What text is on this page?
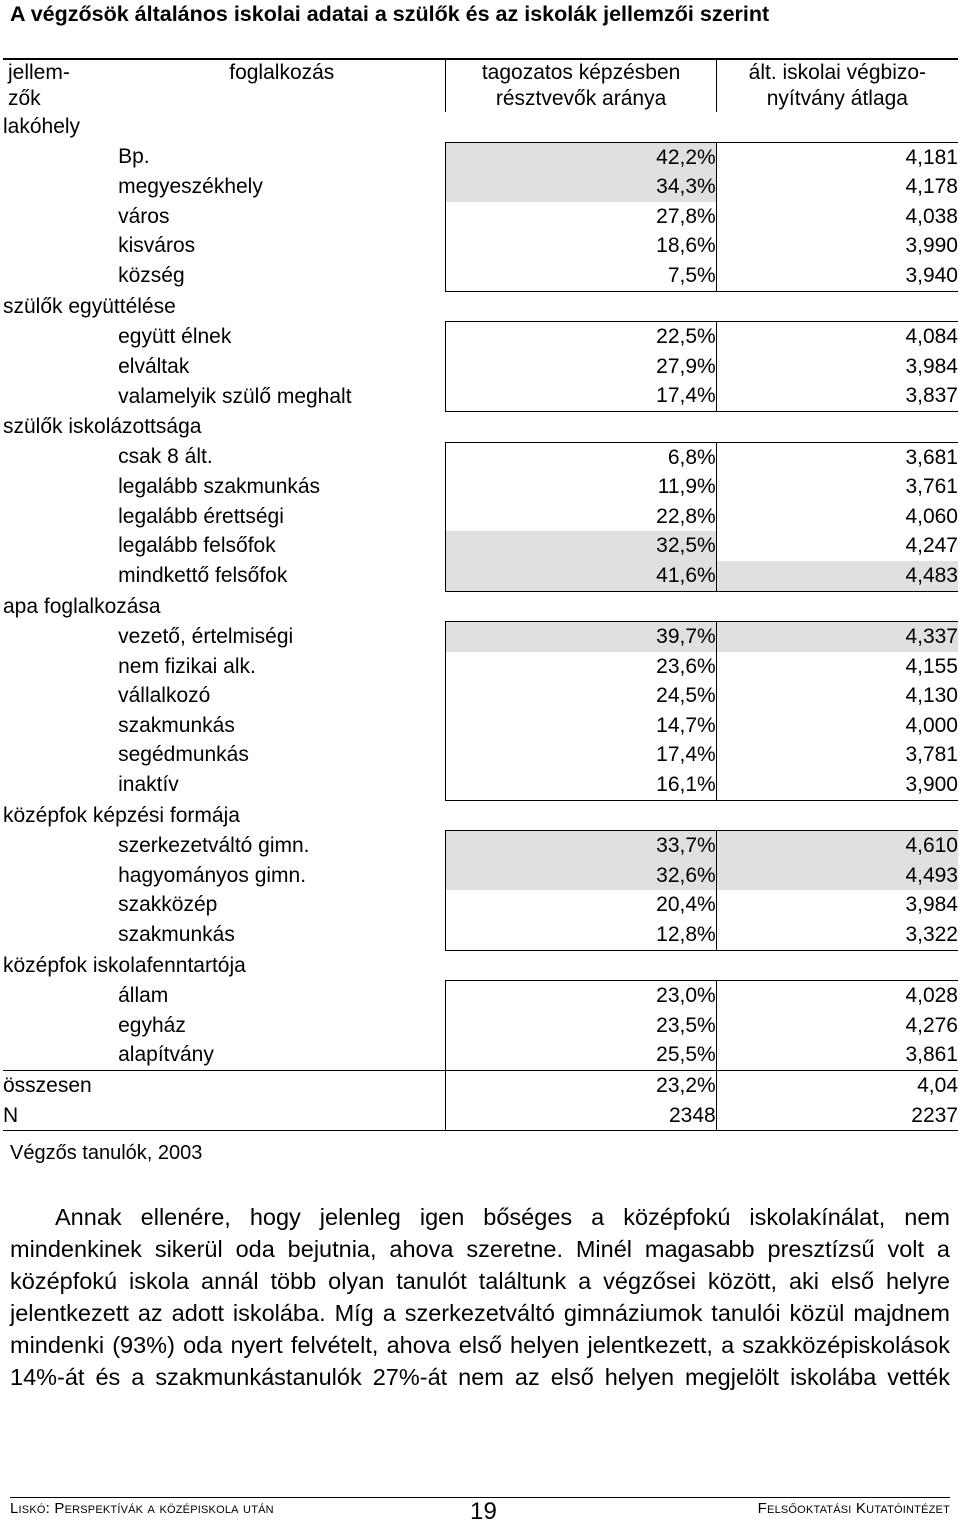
A végzősök általános iskolai adatai a szülők és az iskolák jellemzői szerint
jellem-zők	foglalkozás	tagozatos képzésben résztvevők aránya	ált. iskolai végbizo-nyítvány átlaga

lakóhely			
	Bp.	42,2%	4,181
	megyeszékhely	34,3%	4,178
	város	27,8%	4,038
	kisváros	18,6%	3,990
	község	7,5%	3,940
szülők együttélése			
	együtt élnek	22,5%	4,084
	elváltak	27,9%	3,984
	valamelyik szülő meghalt	17,4%	3,837
szülők iskolázottsága			
	csak 8 ált.	6,8%	3,681
	legalább szakmunkás	11,9%	3,761
	legalább érettségi	22,8%	4,060
	legalább felsőfok	32,5%	4,247
	mindkettő felsőfok	41,6%	4,483
apa foglalkozása			
	vezető, értelmiségi	39,7%	4,337
	nem fizikai alk.	23,6%	4,155
	vállalkozó	24,5%	4,130
	szakmunkás	14,7%	4,000
	segédmunkás	17,4%	3,781
	inaktív	16,1%	3,900
középfok képzési formája			
	szerkezetváltó gimn.	33,7%	4,610
	hagyományos gimn.	32,6%	4,493
	szakközép	20,4%	3,984
	szakmunkás	12,8%	3,322
középfok iskolafenntartója			
	állam	23,0%	4,028
	egyház	23,5%	4,276
	alapítvány	25,5%	3,861
összesen		23,2%	4,04
N		2348	2237
Végzős tanulók, 2003

Annak ellenére, hogy jelenleg igen bőséges a középfokú iskolakínálat, nem mindenkinek sikerül oda bejutnia, ahova szeretne. Minél magasabb presztízsű volt a középfokú iskola annál több olyan tanulót találtunk a végzősei között, aki első helyre jelentkezett az adott iskolába. Míg a szerkezetváltó gimnáziumok tanulói közül majdnem mindenki (93%) oda nyert felvételt, ahova első helyen jelentkezett, a szakközépiskolások 14%-át és a szakmunkástanulók 27%-át nem az első helyen megjelölt iskolába vették

Liskó: Perspektívák a középiskola után	19	Felsőoktatási Kutatóintézet
